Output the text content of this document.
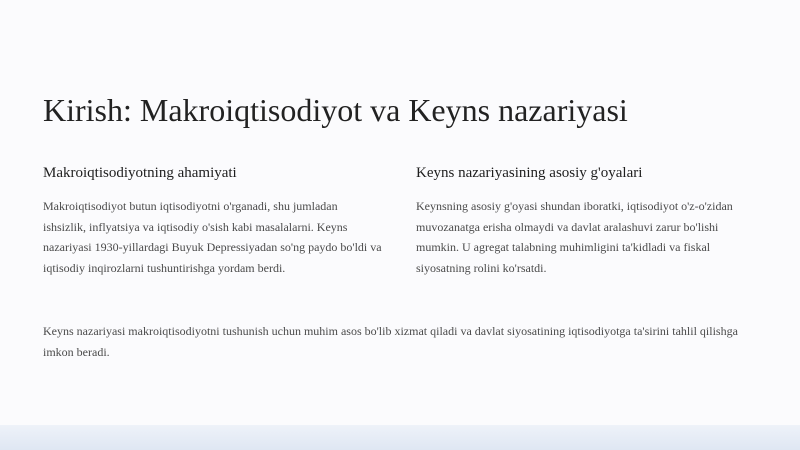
Kirish: Makroiqtisodiyot va Keyns nazariyasi
Makroiqtisodiyotning ahamiyati

Makroiqtisodiyot butun iqtisodiyotni o'rganadi, shu jumladan ishsizlik, inflyatsiya va iqtisodiy o'sish kabi masalalarni. Keyns nazariyasi 1930-yillardagi Buyuk Depressiyadan so'ng paydo bo'ldi va iqtisodiy inqirozlarni tushuntirishga yordam berdi.

Keyns nazariyasining asosiy g'oyalari

Keynsning asosiy g'oyasi shundan iboratki, iqtisodiyot o'z-o'zidan muvozanatga erisha olmaydi va davlat aralashuvi zarur bo'lishi mumkin. U agregat talabning muhimligini ta'kidladi va fiskal siyosatning rolini ko'rsatdi.

Keyns nazariyasi makroiqtisodiyotni tushunish uchun muhim asos bo'lib xizmat qiladi va davlat siyosatining iqtisodiyotga ta'sirini tahlil qilishga imkon beradi.
